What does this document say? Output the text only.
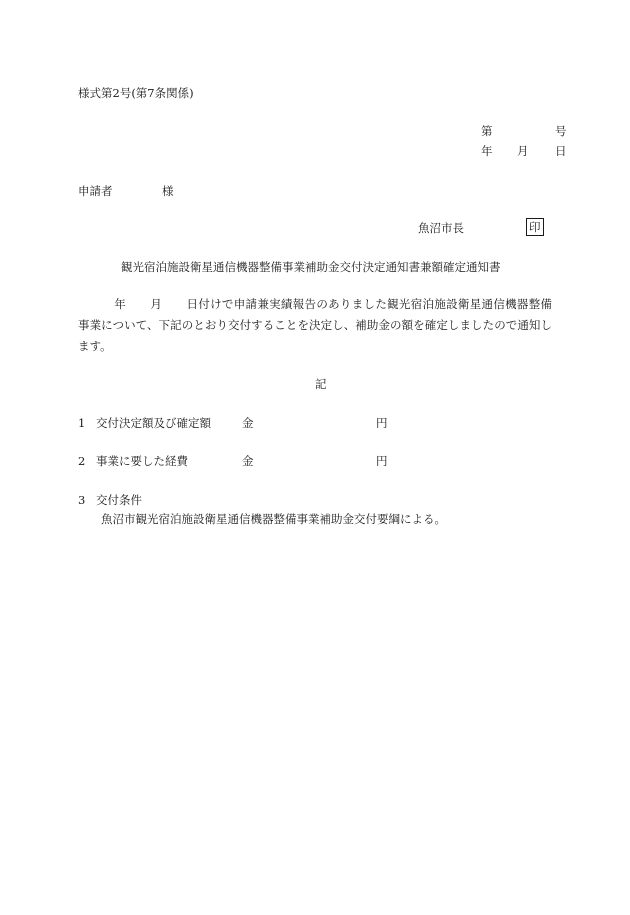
様式第2号(第7条関係)
第	号
年 月 日
申請者	様
魚沼市長	印
観光宿泊施設衛星通信機器整備事業補助金交付決定通知書兼額確定通知書
年 月 日付けで申請兼実績報告のありました観光宿泊施設衛星通信機器整備事業について、下記のとおり交付することを決定し、補助金の額を確定しましたので通知します。
記
1 交付決定額及び確定額	金	円
2 事業に要した経費	金	円
3 交付条件
魚沼市観光宿泊施設衛星通信機器整備事業補助金交付要綱による。
